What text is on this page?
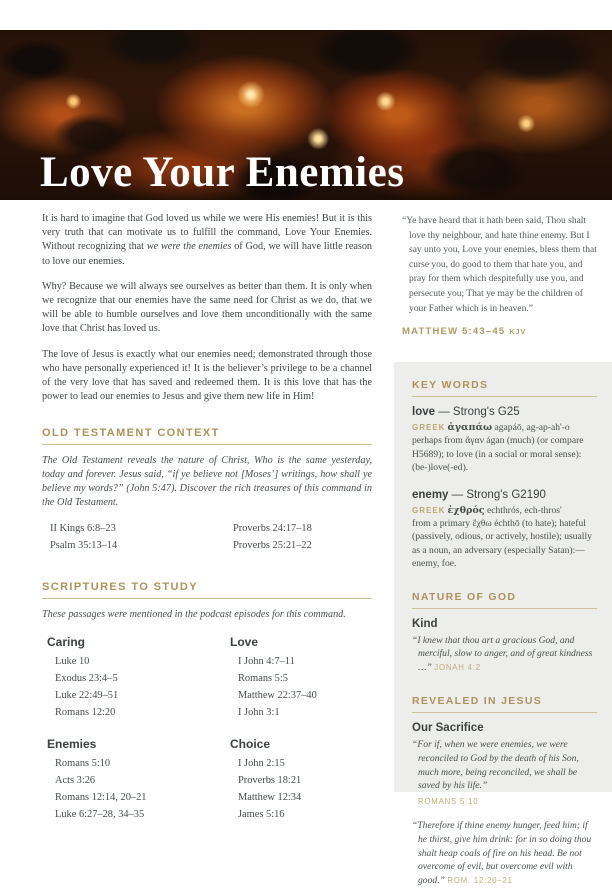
Love Your Enemies

It is hard to imagine that God loved us while we were His enemies! But it is this very truth that can motivate us to fulfill the command, Love Your Enemies. Without recognizing that we were the enemies of God, we will have little reason to love our enemies.

Why? Because we will always see ourselves as better than them. It is only when we recognize that our enemies have the same need for Christ as we do, that we will be able to humble ourselves and love them unconditionally with the same love that Christ has loved us.

The love of Jesus is exactly what our enemies need; demonstrated through those who have personally experienced it! It is the believer’s privilege to be a channel of the very love that has saved and redeemed them. It is this love that has the power to lead our enemies to Jesus and give them new life in Him!

OLD TESTAMENT CONTEXT

The Old Testament reveals the nature of Christ, Who is the same yesterday, today and forever. Jesus said, “if ye believe not [Moses’] writings, how shall ye believe my words?” (John 5:47). Discover the rich treasures of this command in the Old Testament.

II Kings 6:8–23
Psalm 35:13–14
Proverbs 24:17–18
Proverbs 25:21–22
SCRIPTURES TO STUDY

These passages were mentioned in the podcast episodes for this command.

Caring
Luke 10
Exodus 23:4–5
Luke 22:49–51
Romans 12:20
Love
I John 4:7–11
Romans 5:5
Matthew 22:37–40
I John 3:1
Enemies
Romans 5:10
Acts 3:26
Romans 12:14, 20–21
Luke 6:27–28, 34–35
Choice
I John 2:15
Proverbs 18:21
Matthew 12:34
James 5:16

“Ye have heard that it hath been said, Thou shalt love thy neighbour, and hate thine enemy. But I say unto you, Love your enemies, bless them that curse you, do good to them that hate you, and pray for them which despitefully use you, and persecute you; That ye may be the children of your Father which is in heaven.”

MATTHEW 5:43–45 KJV

KEY WORDS

love — Strong's G25

GREEK ἀγαπάω agapáō, ag-ap-ah'-o
perhaps from ἄγαν ágan (much) (or compare H5689); to love (in a social or moral sense): (be-)love(-ed).

enemy — Strong's G2190

GREEK ἐχθρός echthrós, ech-thros'
from a primary ἔχθω échthō (to hate); hateful (passively, odious, or actively, hostile); usually as a noun, an adversary (especially Satan):—enemy, foe.

NATURE OF GOD
Kind

“I knew that thou art a gracious God, and merciful, slow to anger, and of great kindness …” JONAH 4:2

REVEALED IN JESUS
Our Sacrifice

“For if, when we were enemies, we were reconciled to God by the death of his Son, much more, being reconciled, we shall be saved by his life.”
ROMANS 5:10

“Therefore if thine enemy hunger, feed him; if he thirst, give him drink: for in so doing thou shalt heap coals of fire on his head. Be not overcome of evil, but overcome evil with good.” ROM. 12:20–21
